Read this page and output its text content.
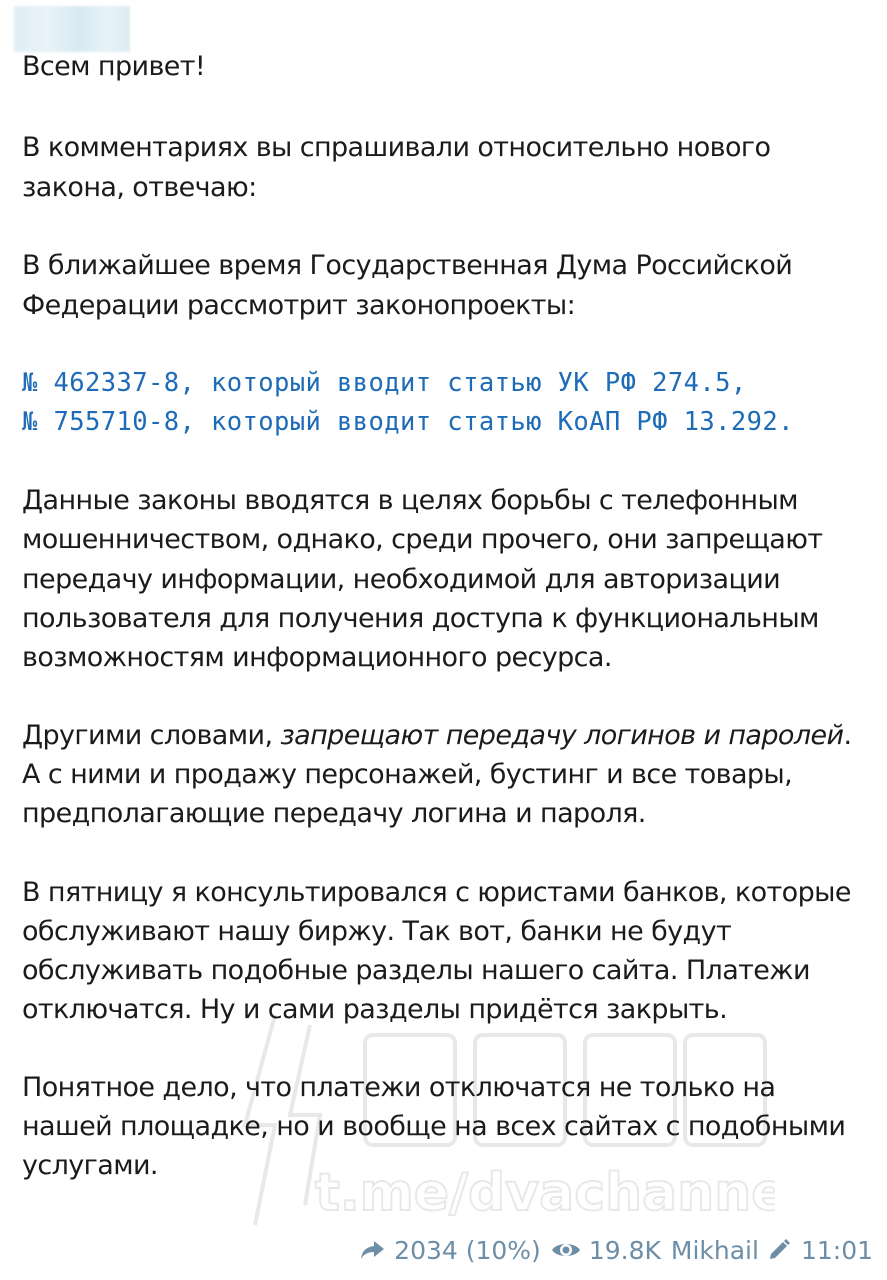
t.me/dvachannel
Всем привет!
В комментариях вы спрашивали относительно нового
закона, отвечаю:
В ближайшее время Государственная Дума Российской
Федерации рассмотрит законопроекты:
№ 462337-8, который вводит статью УК РФ 274.5,
№ 755710-8, который вводит статью КоАП РФ 13.292.
Данные законы вводятся в целях борьбы с телефонным
мошенничеством, однако, среди прочего, они запрещают
передачу информации, необходимой для авторизации
пользователя для получения доступа к функциональным
возможностям информационного ресурса.
Другими словами, запрещают передачу логинов и паролей.
А с ними и продажу персонажей, бустинг и все товары,
предполагающие передачу логина и пароля.
В пятницу я консультировался с юристами банков, которые
обслуживают нашу биржу. Так вот, банки не будут
обслуживать подобные разделы нашего сайта. Платежи
отключатся. Ну и сами разделы придётся закрыть.
Понятное дело, что платежи отключатся не только на
нашей площадке, но и вообще на всех сайтах с подобными
услугами.
2034 (10%) 19.8K Mikhail 11:01
